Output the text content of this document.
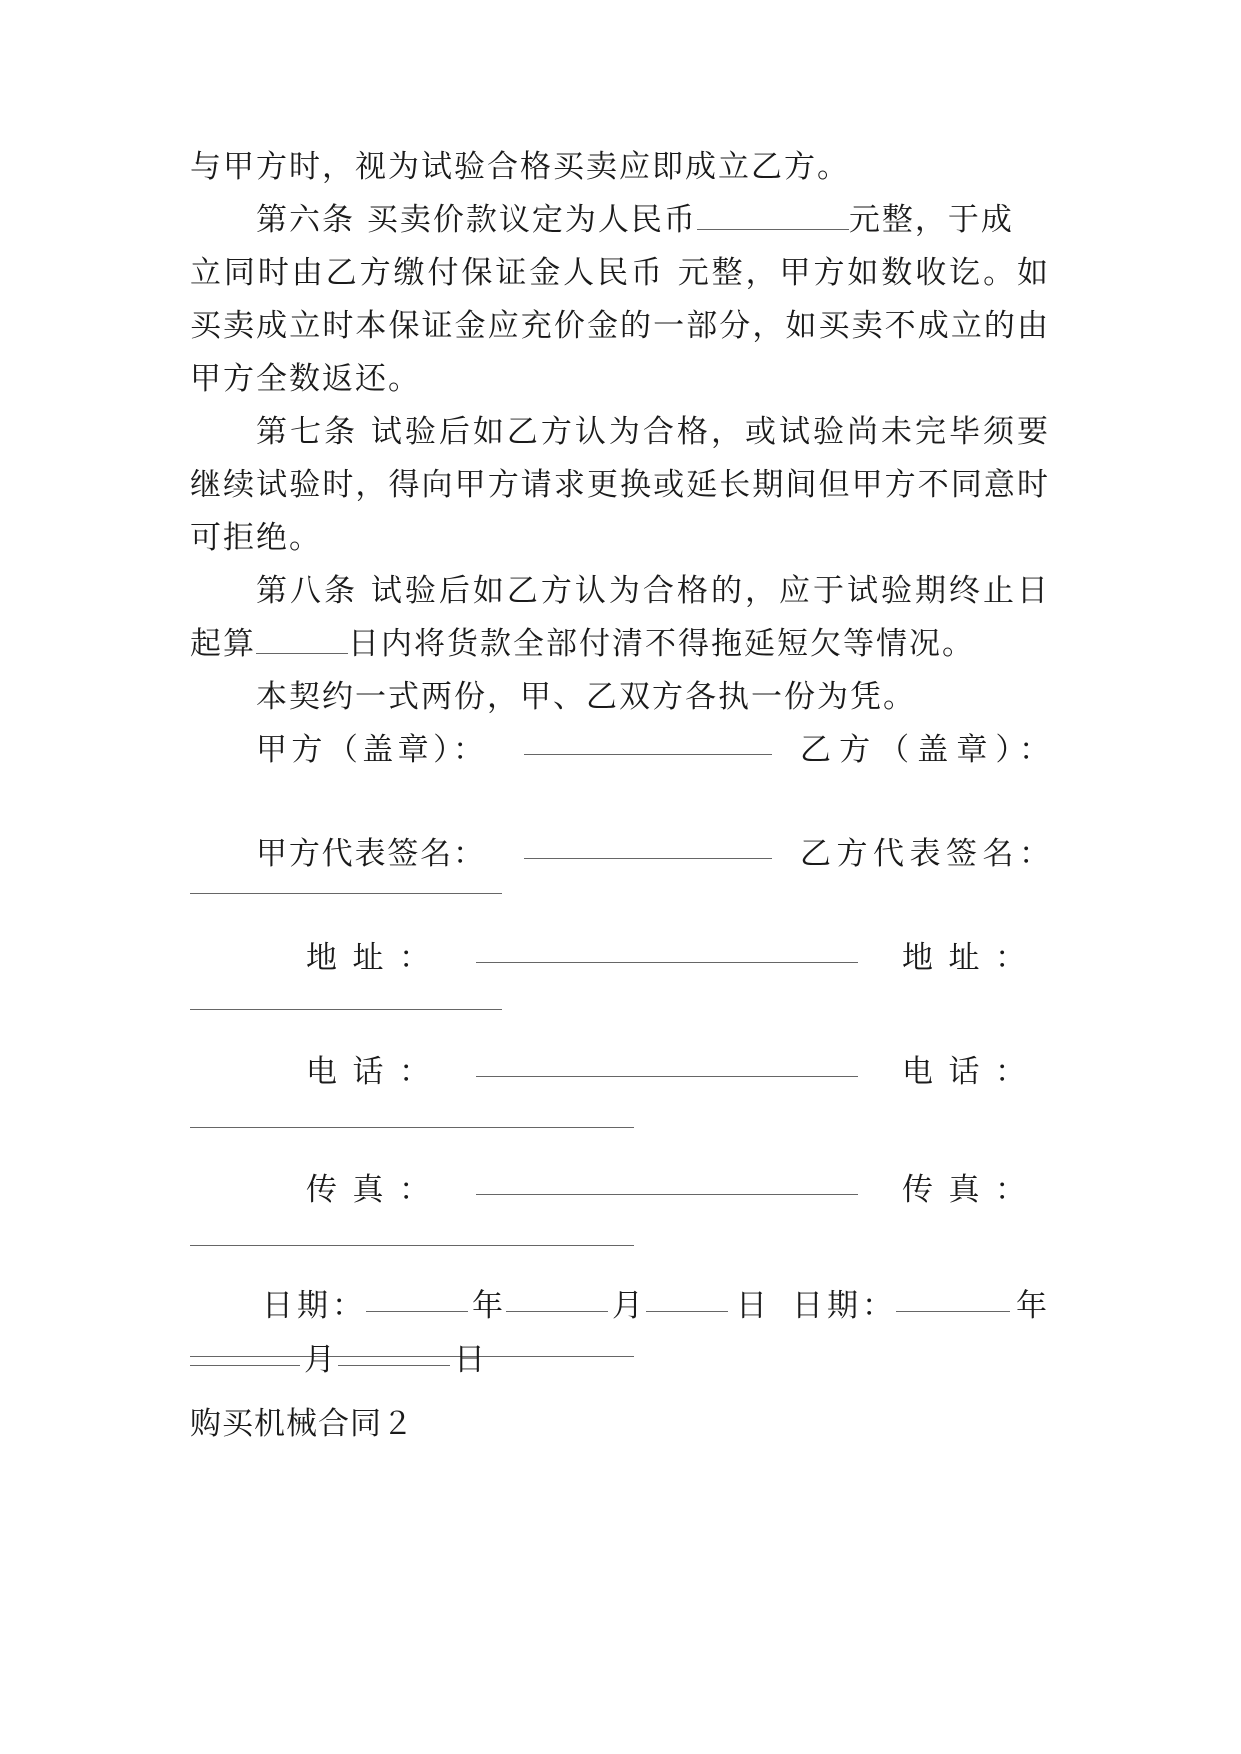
与甲方时，视为试验合格买卖应即成立乙方。
第六条 买卖价款议定为人民币	元整，于成
立同时由乙方缴付保证金人民币 元整，甲方如数收讫。如
买卖成立时本保证金应充价金的一部分，如买卖不成立的由
甲方全数返还。
第七条 试验后如乙方认为合格，或试验尚未完毕须要
继续试验时，得向甲方请求更换或延长期间但甲方不同意时
可拒绝。
第八条 试验后如乙方认为合格的，应于试验期终止日
起算	日内将货款全部付清不得拖延短欠等情况。
本契约一式两份，甲、乙双方各执一份为凭。
甲方（盖章）：	乙方（盖章）：
甲方代表签名：	乙方代表签名：
地 址 ：	地 址 ：
电 话 ：	电 话 ：
传 真 ：	传 真 ：
日期：	年	月	日 日期：	年
月	日
购买机械合同２
